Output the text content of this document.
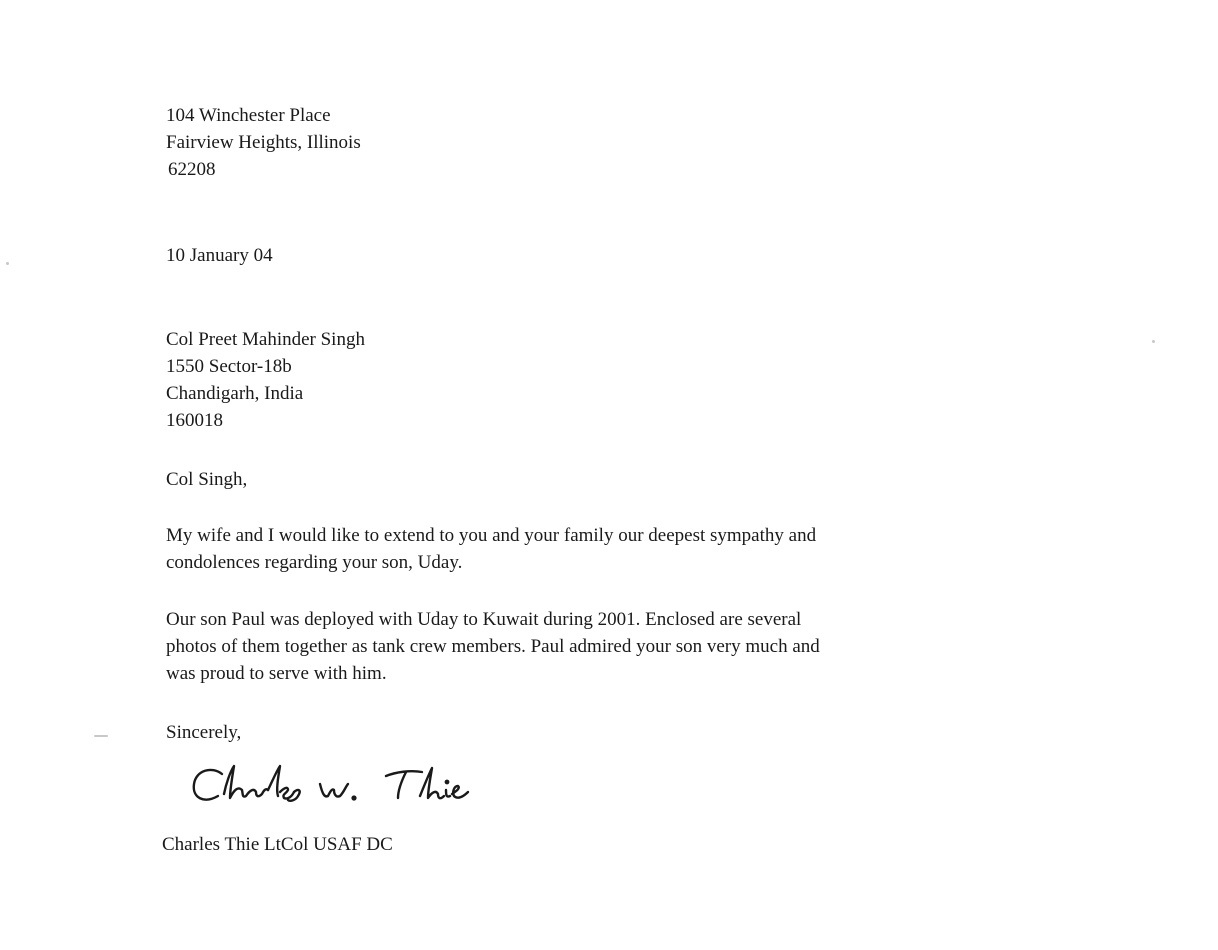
104 Winchester Place
Fairview Heights, Illinois
62208
10 January 04
Col Preet Mahinder Singh
1550 Sector-18b
Chandigarh, India
160018
Col Singh,
My wife and I would like to extend to you and your family our deepest sympathy and
condolences regarding your son, Uday.
Our son Paul was deployed with Uday to Kuwait during 2001. Enclosed are several
photos of them together as tank crew members. Paul admired your son very much and
was proud to serve with him.
Sincerely,
Charles Thie LtCol USAF DC
